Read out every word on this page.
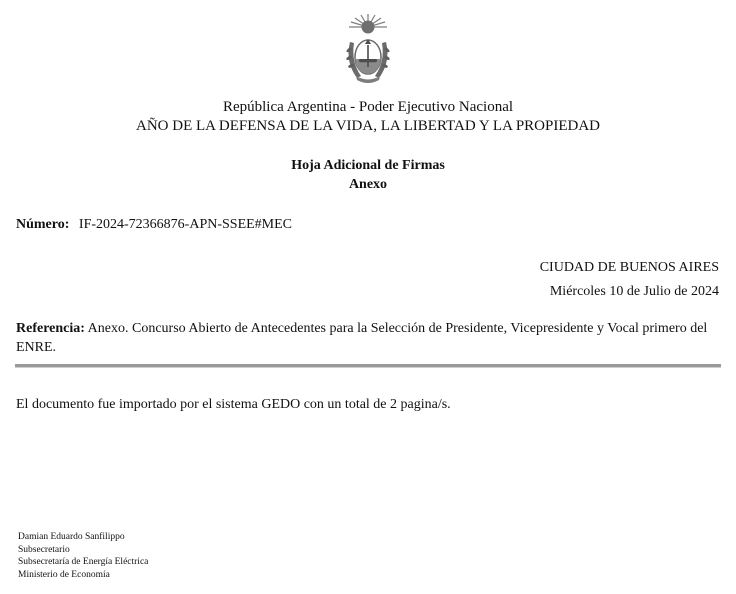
República Argentina - Poder Ejecutivo Nacional
AÑO DE LA DEFENSA DE LA VIDA, LA LIBERTAD Y LA PROPIEDAD
Hoja Adicional de Firmas
Anexo
Número: IF-2024-72366876-APN-SSEE#MEC
CIUDAD DE BUENOS AIRES
Miércoles 10 de Julio de 2024
Referencia: Anexo. Concurso Abierto de Antecedentes para la Selección de Presidente, Vicepresidente y Vocal primero del ENRE.
El documento fue importado por el sistema GEDO con un total de 2 pagina/s.
Damian Eduardo Sanfilippo
Subsecretario
Subsecretaría de Energía Eléctrica
Ministerio de Economía
